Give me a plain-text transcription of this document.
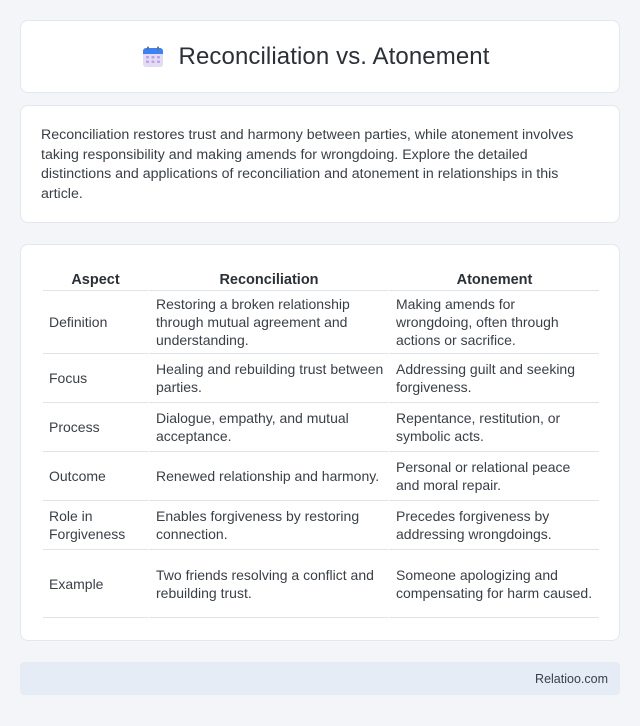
Reconciliation vs. Atonement

Reconciliation restores trust and harmony between parties, while atonement involves taking responsibility and making amends for wrongdoing. Explore the detailed distinctions and applications of reconciliation and atonement in relationships in this article.

Aspect	Reconciliation	Atonement
Definition	Restoring a broken relationship through mutual agreement and understanding.	Making amends for wrongdoing, often through actions or sacrifice.
Focus	Healing and rebuilding trust between parties.	Addressing guilt and seeking forgiveness.
Process	Dialogue, empathy, and mutual acceptance.	Repentance, restitution, or symbolic acts.
Outcome	Renewed relationship and harmony.	Personal or relational peace and moral repair.
Role in Forgiveness	Enables forgiveness by restoring connection.	Precedes forgiveness by addressing wrongdoings.
Example	Two friends resolving a conflict and rebuilding trust.	Someone apologizing and compensating for harm caused.
Relatioo.com
